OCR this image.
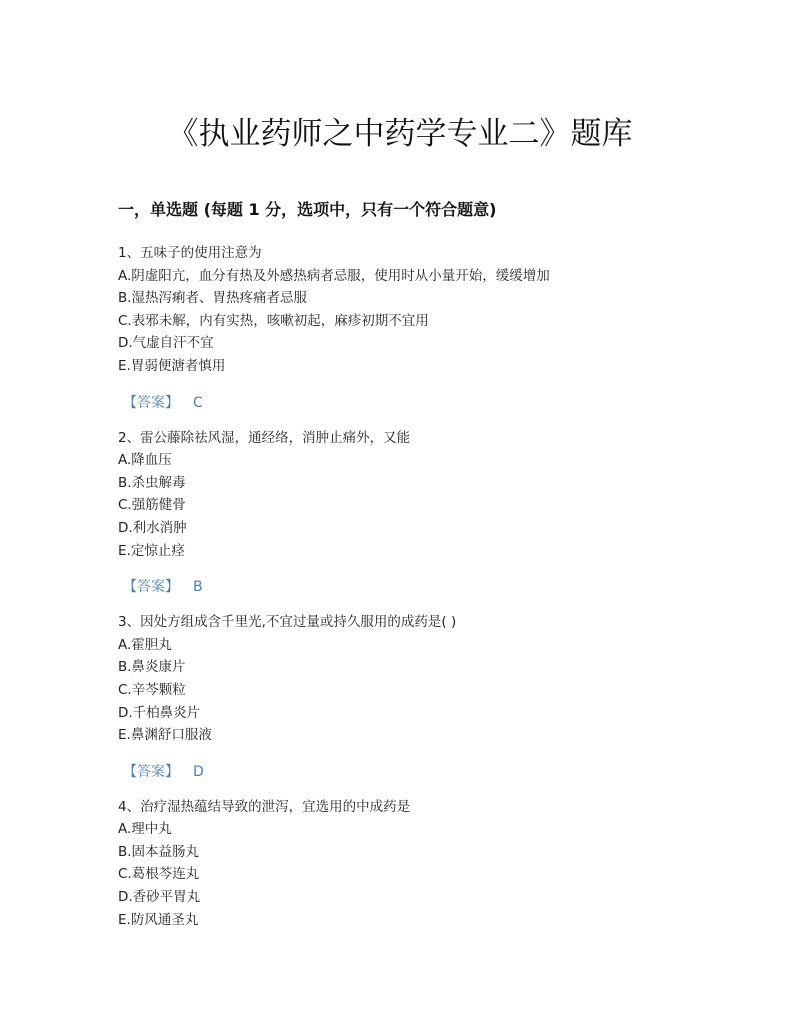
《执业药师之中药学专业二》题库
一，单选题 (每题 1 分，选项中，只有一个符合题意)
1、五味子的使用注意为
A.阴虚阳亢，血分有热及外感热病者忌服，使用时从小量开始，缓缓增加
B.湿热泻痢者、胃热疼痛者忌服
C.表邪未解，内有实热，咳嗽初起，麻疹初期不宜用
D.气虚自汗不宜
E.胃弱便溏者慎用
【答案】 C
2、雷公藤除祛风湿，通经络，消肿止痛外，又能
A.降血压
B.杀虫解毒
C.强筋健骨
D.利水消肿
E.定惊止痉
【答案】 B
3、因处方组成含千里光,不宜过量或持久服用的成药是( )
A.霍胆丸
B.鼻炎康片
C.辛芩颗粒
D.千柏鼻炎片
E.鼻渊舒口服液
【答案】 D
4、治疗湿热蕴结导致的泄泻，宜选用的中成药是
A.理中丸
B.固本益肠丸
C.葛根芩连丸
D.香砂平胃丸
E.防风通圣丸
